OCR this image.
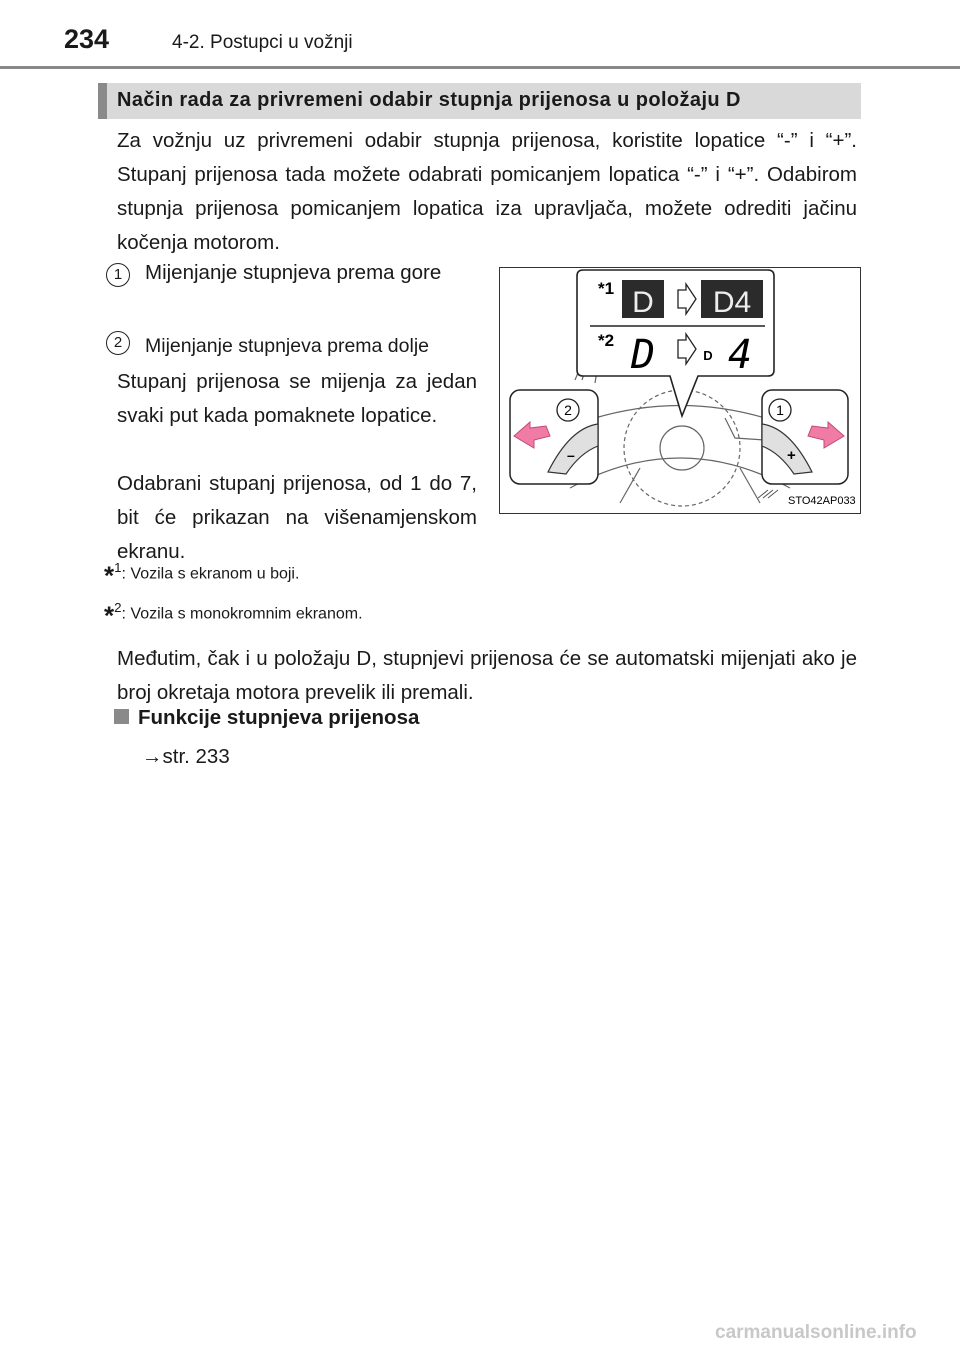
234	4-2. Postupci u vožnji
Način rada za privremeni odabir stupnja prijenosa u položaju D
Za vožnju uz privremeni odabir stupnja prijenosa, koristite lopatice “-” i “+”. Stupanj prijenosa tada možete odabrati pomicanjem lopatica “-” i “+”. Odabirom stupnja prijenosa pomicanjem lopatica iza upravljača, možete odrediti jačinu kočenja motorom.
1	Mijenjanje stupnjeva prema gore
2	Mijenjanje stupnjeva prema dolje
Stupanj prijenosa se mijenja za jedan svaki put kada pomaknete lopatice.
Odabrani stupanj prijenosa, od 1 do 7, bit će prikazan na višenamjenskom ekranu.
*$^1$: Vozila s ekranom u boji.
*$^2$: Vozila s monokromnim ekranom.
Međutim, čak i u položaju D, stupnjevi prijenosa će se automatski mijenjati ako je broj okretaja motora prevelik ili premali.
Funkcije stupnjeva prijenosa
→str. 233
*1 D D4
*2 D	D 4
2
–
1
+
STO42AP033
carmanualsonline.info
